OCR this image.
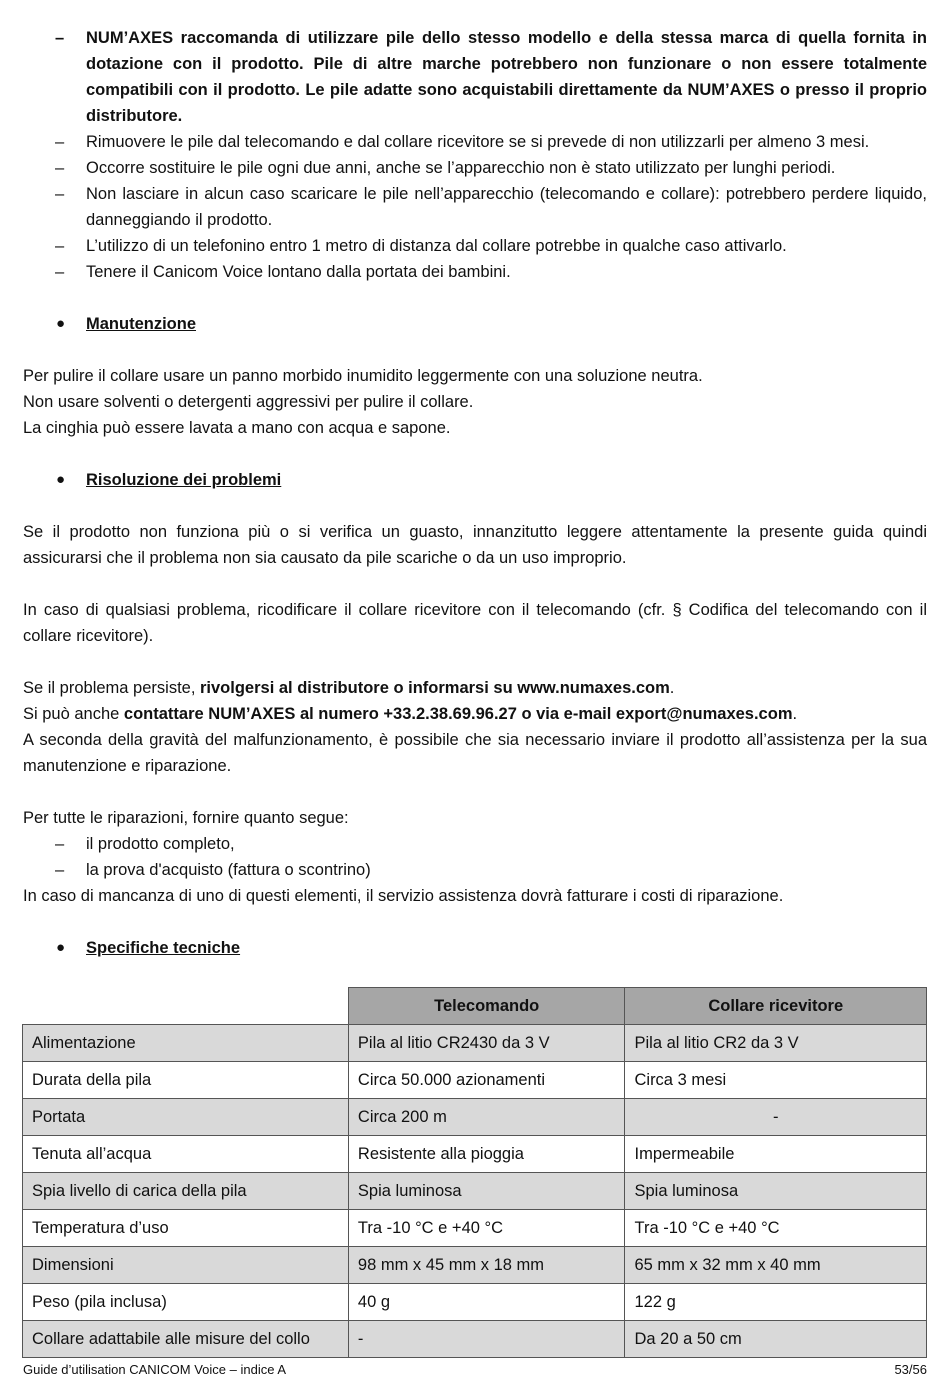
– NUM’AXES raccomanda di utilizzare pile dello stesso modello e della stessa marca di quella fornita in dotazione con il prodotto. Pile di altre marche potrebbero non funzionare o non essere totalmente compatibili con il prodotto. Le pile adatte sono acquistabili direttamente da NUM’AXES o presso il proprio distributore.
– Rimuovere le pile dal telecomando e dal collare ricevitore se si prevede di non utilizzarli per almeno 3 mesi.
– Occorre sostituire le pile ogni due anni, anche se l’apparecchio non è stato utilizzato per lunghi periodi.
– Non lasciare in alcun caso scaricare le pile nell’apparecchio (telecomando e collare): potrebbero perdere liquido, danneggiando il prodotto.
– L’utilizzo di un telefonino entro 1 metro di distanza dal collare potrebbe in qualche caso attivarlo.
– Tenere il Canicom Voice lontano dalla portata dei bambini.
● Manutenzione

Per pulire il collare usare un panno morbido inumidito leggermente con una soluzione neutra.

Non usare solventi o detergenti aggressivi per pulire il collare.

La cinghia può essere lavata a mano con acqua e sapone.

● Risoluzione dei problemi

Se il prodotto non funziona più o si verifica un guasto, innanzitutto leggere attentamente la presente guida quindi assicurarsi che il problema non sia causato da pile scariche o da un uso improprio.

In caso di qualsiasi problema, ricodificare il collare ricevitore con il telecomando (cfr. § Codifica del telecomando con il collare ricevitore).

Se il problema persiste, rivolgersi al distributore o informarsi su www.numaxes.com.

Si può anche contattare NUM’AXES al numero +33.2.38.69.96.27 o via e-mail export@numaxes.com.

A seconda della gravità del malfunzionamento, è possibile che sia necessario inviare il prodotto all’assistenza per la sua manutenzione e riparazione.

Per tutte le riparazioni, fornire quanto segue:

– il prodotto completo,
– la prova d'acquisto (fattura o scontrino)

In caso di mancanza di uno di questi elementi, il servizio assistenza dovrà fatturare i costi di riparazione.

● Specifiche tecniche
	Telecomando	Collare ricevitore
Alimentazione	Pila al litio CR2430 da 3 V	Pila al litio CR2 da 3 V
Durata della pila	Circa 50.000 azionamenti	Circa 3 mesi
Portata	Circa 200 m	-
Tenuta all’acqua	Resistente alla pioggia	Impermeabile
Spia livello di carica della pila	Spia luminosa	Spia luminosa
Temperatura d’uso	Tra -10 °C e +40 °C	Tra -10 °C e +40 °C
Dimensioni	98 mm x 45 mm x 18 mm	65 mm x 32 mm x 40 mm
Peso (pila inclusa)	40 g	122 g
Collare adattabile alle misure del collo	-	Da 20 a 50 cm
Guide d’utilisation CANICOM Voice – indice A	53/56
